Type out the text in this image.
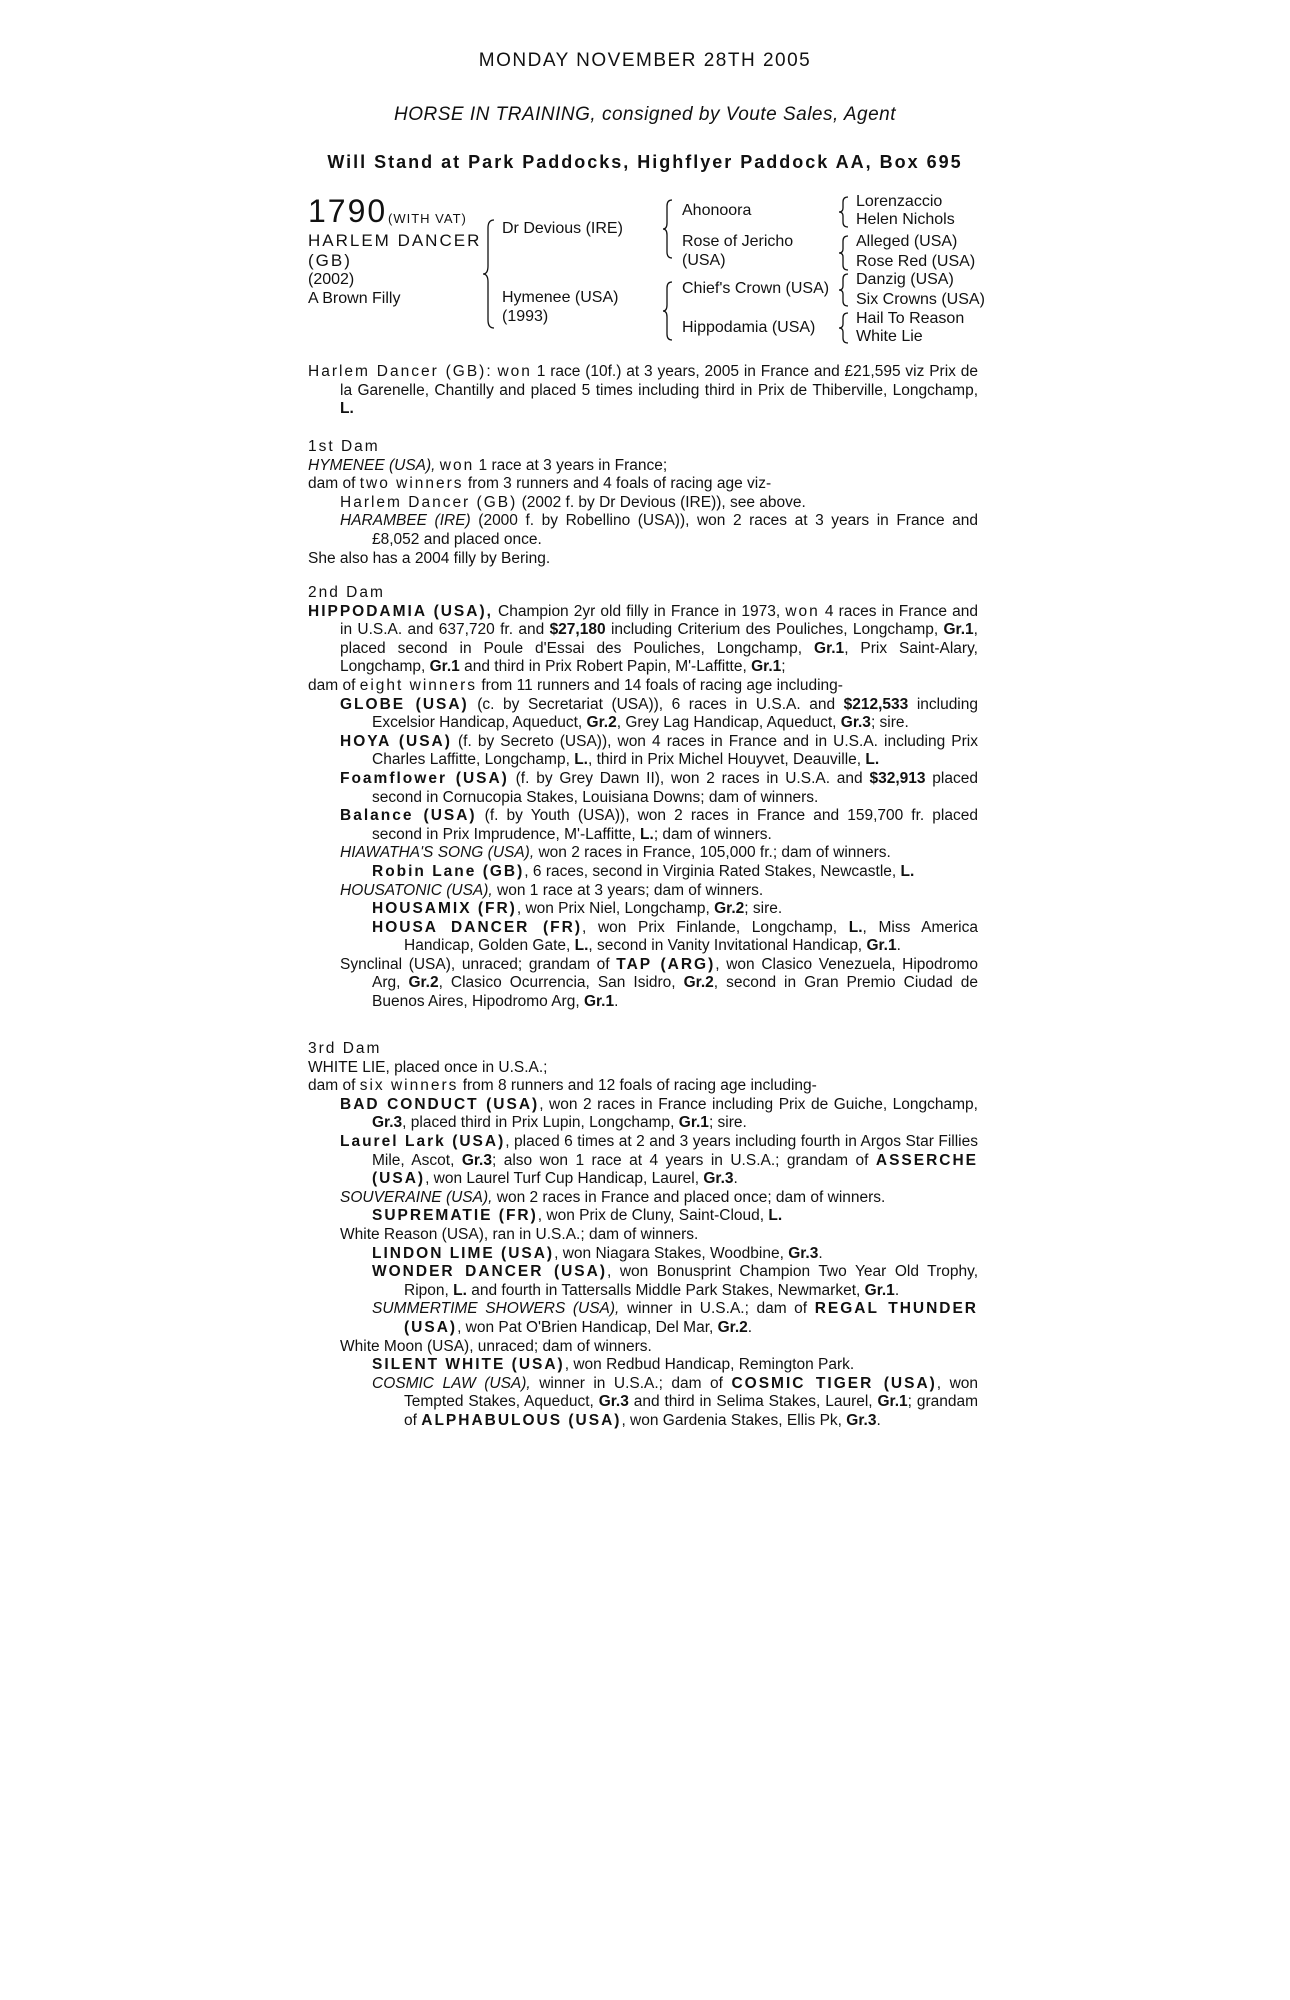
MONDAY NOVEMBER 28TH 2005
HORSE IN TRAINING, consigned by Voute Sales, Agent
Will Stand at Park Paddocks, Highflyer Paddock AA, Box 695
1790 (WITH VAT)
HARLEM DANCER
(GB)
(2002)
A Brown Filly
Dr Devious (IRE)
Hymenee (USA)
(1993)
Ahonoora
Rose of Jericho
(USA)
Chief's Crown (USA)
Hippodamia (USA)
Lorenzaccio
Helen Nichols
Alleged (USA)
Rose Red (USA)
Danzig (USA)
Six Crowns (USA)
Hail To Reason
White Lie

Harlem Dancer (GB): won 1 race (10f.) at 3 years, 2005 in France and £21,595 viz Prix de la Garenelle, Chantilly and placed 5 times including third in Prix de Thiberville, Longchamp, L.

1st Dam

HYMENEE (USA), won 1 race at 3 years in France;

dam of two winners from 3 runners and 4 foals of racing age viz-

Harlem Dancer (GB) (2002 f. by Dr Devious (IRE)), see above.

HARAMBEE (IRE) (2000 f. by Robellino (USA)), won 2 races at 3 years in France and £8,052 and placed once.

She also has a 2004 filly by Bering.

2nd Dam

HIPPODAMIA (USA), Champion 2yr old filly in France in 1973, won 4 races in France and in U.S.A. and 637,720 fr. and $27,180 including Criterium des Pouliches, Longchamp, Gr.1, placed second in Poule d'Essai des Pouliches, Longchamp, Gr.1, Prix Saint-Alary, Longchamp, Gr.1 and third in Prix Robert Papin, M'-Laffitte, Gr.1;

dam of eight winners from 11 runners and 14 foals of racing age including-

GLOBE (USA) (c. by Secretariat (USA)), 6 races in U.S.A. and $212,533 including Excelsior Handicap, Aqueduct, Gr.2, Grey Lag Handicap, Aqueduct, Gr.3; sire.

HOYA (USA) (f. by Secreto (USA)), won 4 races in France and in U.S.A. including Prix Charles Laffitte, Longchamp, L., third in Prix Michel Houyvet, Deauville, L.

Foamflower (USA) (f. by Grey Dawn II), won 2 races in U.S.A. and $32,913 placed second in Cornucopia Stakes, Louisiana Downs; dam of winners.

Balance (USA) (f. by Youth (USA)), won 2 races in France and 159,700 fr. placed second in Prix Imprudence, M'-Laffitte, L.; dam of winners.

HIAWATHA'S SONG (USA), won 2 races in France, 105,000 fr.; dam of winners.

Robin Lane (GB), 6 races, second in Virginia Rated Stakes, Newcastle, L.

HOUSATONIC (USA), won 1 race at 3 years; dam of winners.

HOUSAMIX (FR), won Prix Niel, Longchamp, Gr.2; sire.

HOUSA DANCER (FR), won Prix Finlande, Longchamp, L., Miss America Handicap, Golden Gate, L., second in Vanity Invitational Handicap, Gr.1.

Synclinal (USA), unraced; grandam of TAP (ARG), won Clasico Venezuela, Hipodromo Arg, Gr.2, Clasico Ocurrencia, San Isidro, Gr.2, second in Gran Premio Ciudad de Buenos Aires, Hipodromo Arg, Gr.1.

3rd Dam

WHITE LIE, placed once in U.S.A.;

dam of six winners from 8 runners and 12 foals of racing age including-

BAD CONDUCT (USA), won 2 races in France including Prix de Guiche, Longchamp, Gr.3, placed third in Prix Lupin, Longchamp, Gr.1; sire.

Laurel Lark (USA), placed 6 times at 2 and 3 years including fourth in Argos Star Fillies Mile, Ascot, Gr.3; also won 1 race at 4 years in U.S.A.; grandam of ASSERCHE (USA), won Laurel Turf Cup Handicap, Laurel, Gr.3.

SOUVERAINE (USA), won 2 races in France and placed once; dam of winners.

SUPREMATIE (FR), won Prix de Cluny, Saint-Cloud, L.

White Reason (USA), ran in U.S.A.; dam of winners.

LINDON LIME (USA), won Niagara Stakes, Woodbine, Gr.3.

WONDER DANCER (USA), won Bonusprint Champion Two Year Old Trophy, Ripon, L. and fourth in Tattersalls Middle Park Stakes, Newmarket, Gr.1.

SUMMERTIME SHOWERS (USA), winner in U.S.A.; dam of REGAL THUNDER (USA), won Pat O'Brien Handicap, Del Mar, Gr.2.

White Moon (USA), unraced; dam of winners.

SILENT WHITE (USA), won Redbud Handicap, Remington Park.

COSMIC LAW (USA), winner in U.S.A.; dam of COSMIC TIGER (USA), won Tempted Stakes, Aqueduct, Gr.3 and third in Selima Stakes, Laurel, Gr.1; grandam of ALPHABULOUS (USA), won Gardenia Stakes, Ellis Pk, Gr.3.
